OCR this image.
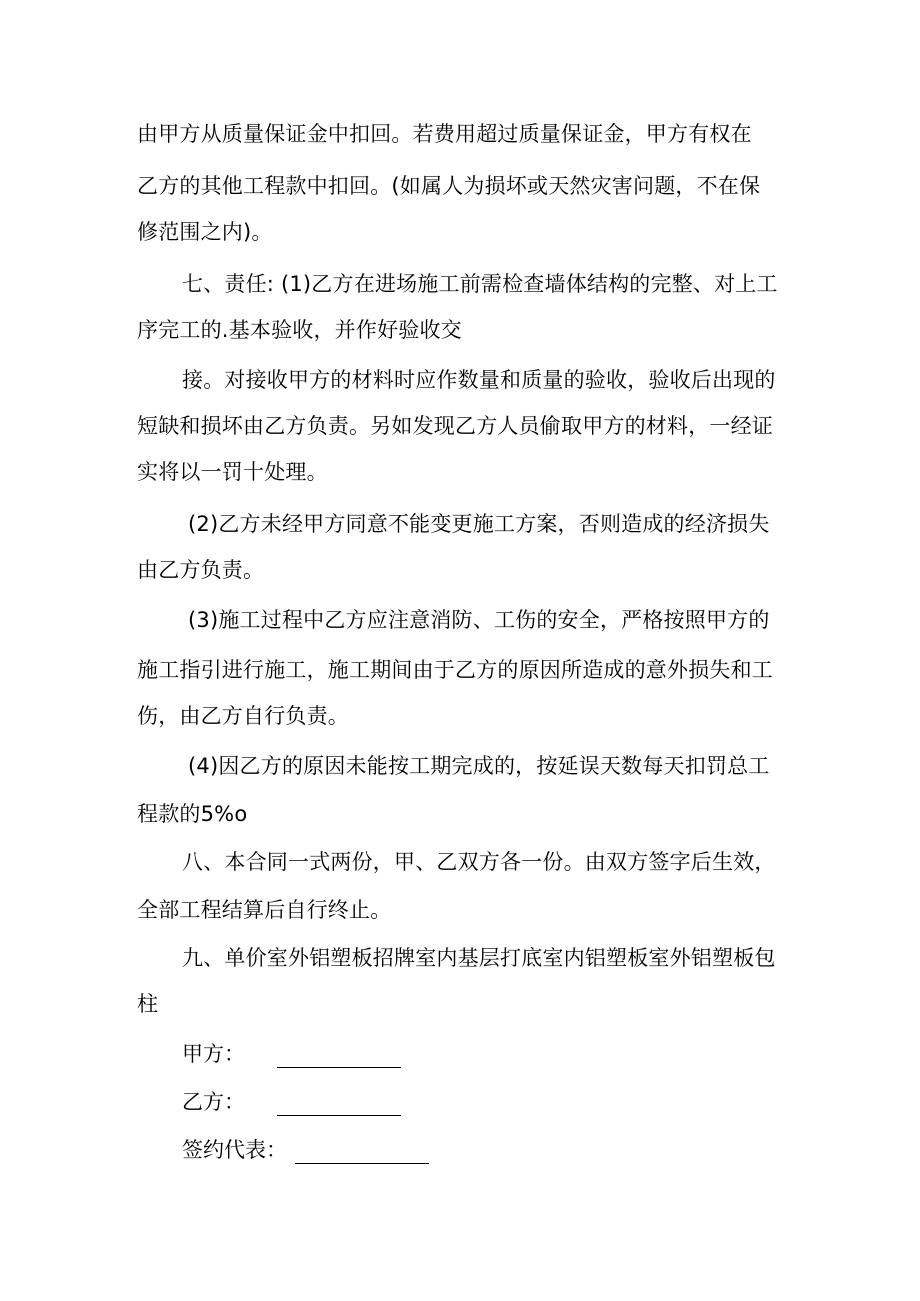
由甲方从质量保证金中扣回。若费用超过质量保证金，甲方有权在
乙方的其他工程款中扣回。(如属人为损坏或天然灾害问题，不在保
修范围之内)。
七、责任: (1)乙方在进场施工前需检查墙体结构的完整、对上工
序完工的.基本验收，并作好验收交
接。对接收甲方的材料时应作数量和质量的验收，验收后出现的
短缺和损坏由乙方负责。另如发现乙方人员偷取甲方的材料，一经证
实将以一罚十处理。
(2)乙方未经甲方同意不能变更施工方案，否则造成的经济损失
由乙方负责。
(3)施工过程中乙方应注意消防、工伤的安全，严格按照甲方的
施工指引进行施工，施工期间由于乙方的原因所造成的意外损失和工
伤，由乙方自行负责。
(4)因乙方的原因未能按工期完成的，按延误天数每天扣罚总工
程款的5%o
八、本合同一式两份，甲、乙双方各一份。由双方签字后生效，
全部工程结算后自行终止。
九、单价室外铝塑板招牌室内基层打底室内铝塑板室外铝塑板包
柱
甲方：
乙方：
签约代表：
